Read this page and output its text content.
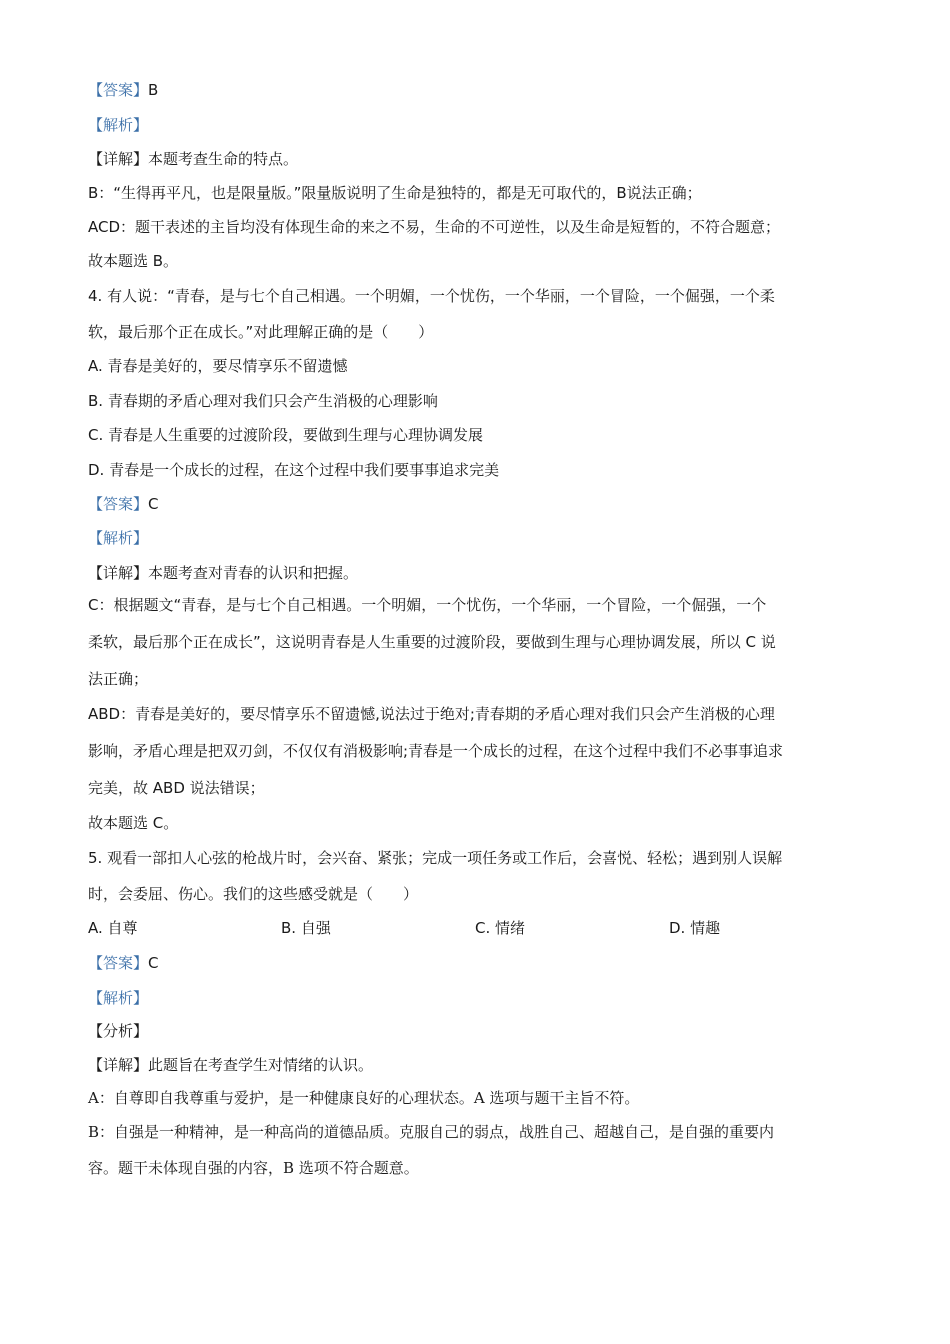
【答案】B
【解析】
【详解】本题考查生命的特点。
B：“生得再平凡，也是限量版。”限量版说明了生命是独特的，都是无可取代的，B说法正确；
ACD：题干表述的主旨均没有体现生命的来之不易，生命的不可逆性，以及生命是短暂的，不符合题意；
故本题选 B。
4. 有人说：“青春，是与七个自己相遇。一个明媚，一个忧伤，一个华丽，一个冒险，一个倔强，一个柔
软，最后那个正在成长。”对此理解正确的是（　　）
A. 青春是美好的，要尽情享乐不留遗憾
B. 青春期的矛盾心理对我们只会产生消极的心理影响
C. 青春是人生重要的过渡阶段，要做到生理与心理协调发展
D. 青春是一个成长的过程，在这个过程中我们要事事追求完美
【答案】C
【解析】
【详解】本题考查对青春的认识和把握。
C：根据题文“青春，是与七个自己相遇。一个明媚，一个忧伤，一个华丽，一个冒险，一个倔强，一个
柔软，最后那个正在成长”，这说明青春是人生重要的过渡阶段，要做到生理与心理协调发展，所以 C 说
法正确；
ABD：青春是美好的，要尽情享乐不留遗憾,说法过于绝对;青春期的矛盾心理对我们只会产生消极的心理
影响，矛盾心理是把双刃剑，不仅仅有消极影响;青春是一个成长的过程，在这个过程中我们不必事事追求
完美，故 ABD 说法错误；
故本题选 C。
5. 观看一部扣人心弦的枪战片时，会兴奋、紧张；完成一项任务或工作后，会喜悦、轻松；遇到别人误解
时，会委屈、伤心。我们的这些感受就是（　　）
A. 自尊	B. 自强	C. 情绪	D. 情趣
【答案】C
【解析】
【分析】
【详解】此题旨在考查学生对情绪的认识。
A：自尊即自我尊重与爱护，是一种健康良好的心理状态。A 选项与题干主旨不符。
B：自强是一种精神，是一种高尚的道德品质。克服自己的弱点，战胜自己、超越自己，是自强的重要内
容。题干未体现自强的内容，B 选项不符合题意。
